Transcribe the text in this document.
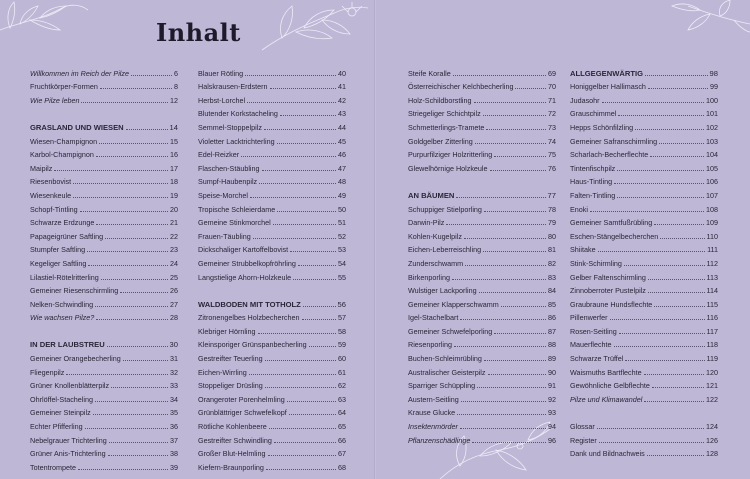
Inhalt
Willkommen im Reich der Pilze	6
Fruchtkörper-Formen	8
Wie Pilze leben	12
GRASLAND UND WIESEN	14
Wiesen-Champignon	15
Karbol-Champignon	16
Maipilz	17
Riesenbovist	18
Wiesenkeule	19
Schopf-Tintling	20
Schwarze Erdzunge	21
Papageigrüner Saftling	22
Stumpfer Saftling	23
Kegeliger Saftling	24
Lilastiel-Rötelritterling	25
Gemeiner Riesenschirmling	26
Nelken-Schwindling	27
Wie wachsen Pilze?	28
IN DER LAUBSTREU	30
Gemeiner Orangebecherling	31
Fliegenpilz	32
Grüner Knollenblätterpilz	33
Ohrlöffel-Stacheling	34
Gemeiner Steinpilz	35
Echter Pfifferling	36
Nebelgrauer Trichterling	37
Grüner Anis-Trichterling	38
Totentrompete	39
Blauer Rötling	40
Halskrausen-Erdstern	41
Herbst-Lorchel	42
Blutender Korkstacheling	43
Semmel-Stoppelpilz	44
Violetter Lacktrichterling	45
Edel-Reizker	46
Flaschen-Stäubling	47
Sumpf-Haubenpilz	48
Speise-Morchel	49
Tropische Schleierdame	50
Gemeine Stinkmorchel	51
Frauen-Täubling	52
Dickschaliger Kartoffelbovist	53
Gemeiner Strubbelkopfröhrling	54
Langstielige Ahorn-Holzkeule	55
WALDBODEN MIT TOTHOLZ	56
Zitronengelbes Holzbecherchen	57
Klebriger Hörnling	58
Kleinsporiger Grünspanbecherling	59
Gestreifter Teuerling	60
Eichen-Wirrling	61
Stoppeliger Drüsling	62
Orangeroter Porenhelmling	63
Grünblättriger Schwefelkopf	64
Rötliche Kohlenbeere	65
Gestreifter Schwindling	66
Großer Blut-Helmling	67
Kiefern-Braunporling	68
Steife Koralle	69
Österreichischer Kelchbecherling	70
Holz-Schildborstling	71
Striegeliger Schichtpilz	72
Schmetterlings-Tramete	73
Goldgelber Zitterling	74
Purpurfilziger Holzritterling	75
Glewelhörnige Holzkeule	76
AN BÄUMEN	77
Schuppiger Stielporling	78
Darwin-Pilz	79
Kohlen-Kugelpilz	80
Eichen-Leberreischling	81
Zunderschwamm	82
Birkenporling	83
Wulstiger Lackporling	84
Gemeiner Klapperschwamm	85
Igel-Stachelbart	86
Gemeiner Schwefelporling	87
Riesenporling	88
Buchen-Schleimrübling	89
Australischer Geisterpilz	90
Sparriger Schüppling	91
Austern-Seitling	92
Krause Glucke	93
Insektenmörder	94
Pflanzenschädlinge	96
ALLGEGENWÄRTIG	98
Honiggelber Hallimasch	99
Judasohr	100
Grauschimmel	101
Hepps Schönfilzling	102
Gemeiner Safranschirmling	103
Scharlach-Becherflechte	104
Tintenfischpilz	105
Haus-Tintling	106
Falten-Tintling	107
Enoki	108
Gemeiner Samtfußrübling	109
Eschen-Stängelbecherchen	110
Shiitake	111
Stink-Schirmling	112
Gelber Faltenschirmling	113
Zinnoberroter Pustelpilz	114
Graubraune Hundsflechte	115
Pillenwerfer	116
Rosen-Seitling	117
Mauerflechte	118
Schwarze Trüffel	119
Waismuths Bartflechte	120
Gewöhnliche Gelbflechte	121
Pilze und Klimawandel	122
Glossar	124
Register	126
Dank und Bildnachweis	128
